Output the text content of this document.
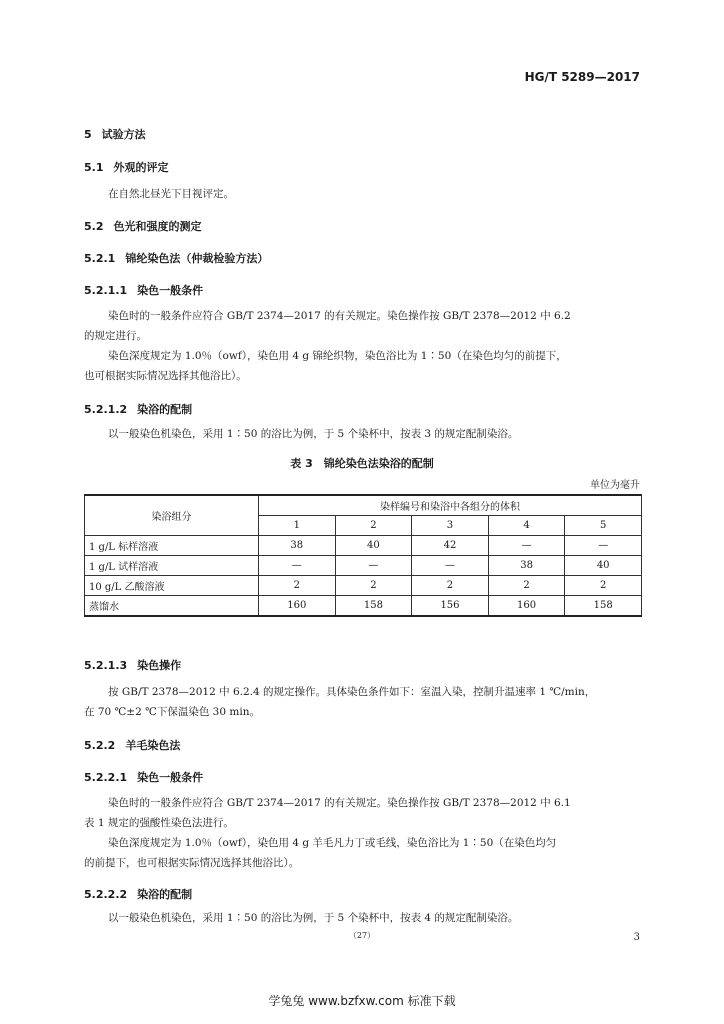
HG/T 5289—2017
5 试验方法
5.1 外观的评定
在自然北昼光下目视评定。
5.2 色光和强度的测定
5.2.1 锦纶染色法（仲裁检验方法）
5.2.1.1 染色一般条件
染色时的一般条件应符合 GB/T 2374—2017 的有关规定。染色操作按 GB/T 2378—2012 中 6.2
的规定进行。
染色深度规定为 1.0％（owf），染色用 4 g 锦纶织物，染色浴比为 1∶50（在染色均匀的前提下，
也可根据实际情况选择其他浴比）。
5.2.1.2 染浴的配制
以一般染色机染色，采用 1∶50 的浴比为例，于 5 个染杯中，按表 3 的规定配制染浴。
表 3　锦纶染色法染浴的配制
单位为毫升
染浴组分	染样编号和染浴中各组分的体积				
	1	2	3	4	5
1 g/L 标样溶液	38	40	42	—	—
1 g/L 试样溶液	—	—	—	38	40
10 g/L 乙酸溶液	2	2	2	2	2
蒸馏水	160	158	156	160	158
5.2.1.3 染色操作
按 GB/T 2378—2012 中 6.2.4 的规定操作。具体染色条件如下：室温入染，控制升温速率 1 ℃/min，
在 70 ℃±2 ℃下保温染色 30 min。
5.2.2 羊毛染色法
5.2.2.1 染色一般条件
染色时的一般条件应符合 GB/T 2374—2017 的有关规定。染色操作按 GB/T 2378—2012 中 6.1
表 1 规定的强酸性染色法进行。
染色深度规定为 1.0％（owf），染色用 4 g 羊毛凡力丁或毛线，染色浴比为 1∶50（在染色均匀
的前提下，也可根据实际情况选择其他浴比）。
5.2.2.2 染浴的配制
以一般染色机染色，采用 1∶50 的浴比为例，于 5 个染杯中，按表 4 的规定配制染浴。
（27）	3
学兔兔 www.bzfxw.com 标准下载
